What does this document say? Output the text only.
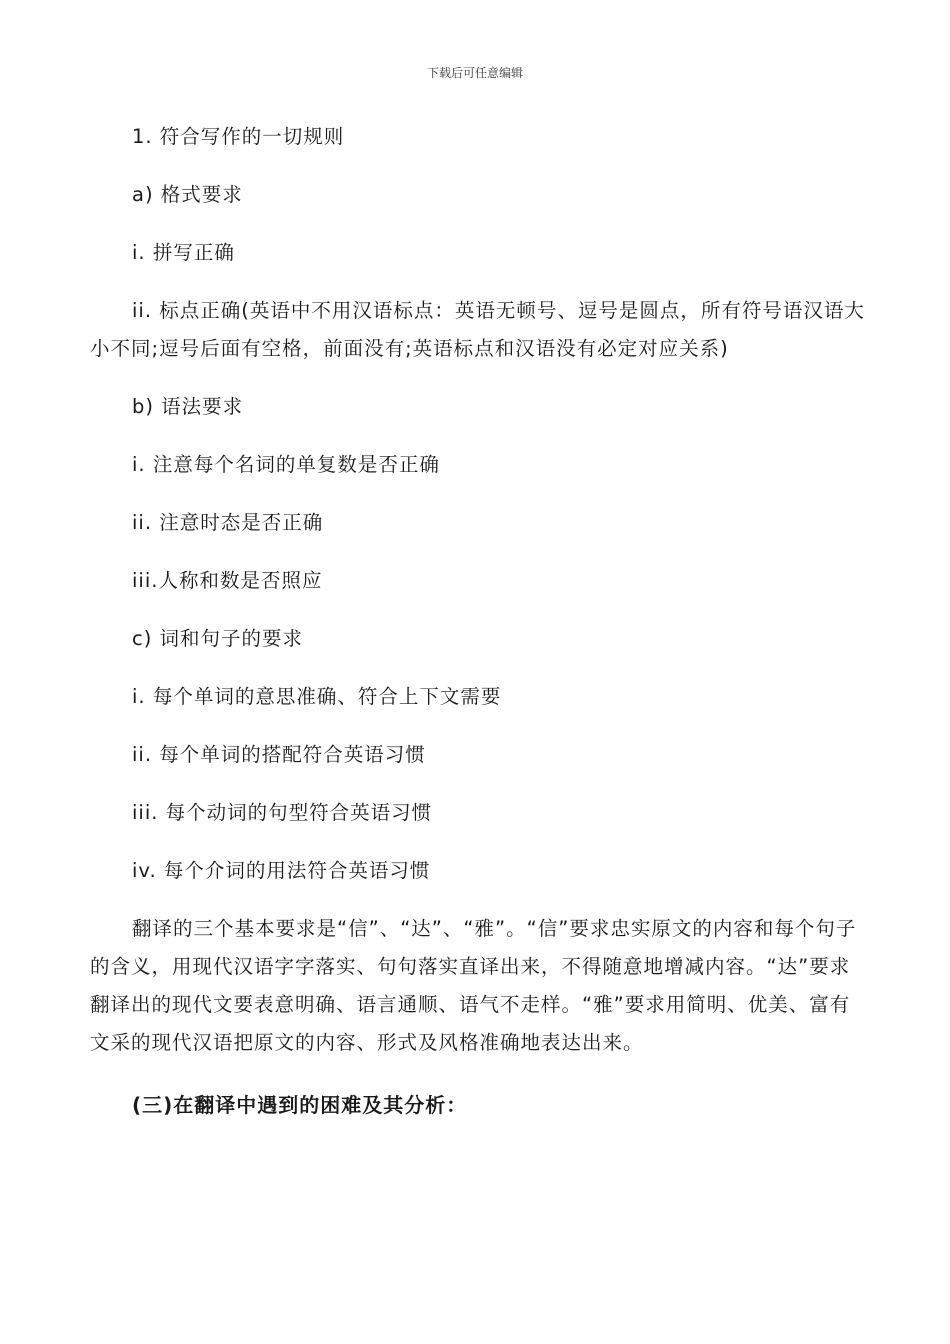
下载后可任意编辑
1. 符合写作的一切规则
a) 格式要求
i. 拼写正确
ii. 标点正确(英语中不用汉语标点：英语无顿号、逗号是圆点，所有符号语汉语大小不同;逗号后面有空格，前面没有;英语标点和汉语没有必定对应关系)
b) 语法要求
i. 注意每个名词的单复数是否正确
ii. 注意时态是否正确
iii.人称和数是否照应
c) 词和句子的要求
i. 每个单词的意思准确、符合上下文需要
ii. 每个单词的搭配符合英语习惯
iii. 每个动词的句型符合英语习惯
iv. 每个介词的用法符合英语习惯
翻译的三个基本要求是“信”、“达”、“雅”。“信”要求忠实原文的内容和每个句子的含义，用现代汉语字字落实、句句落实直译出来，不得随意地增减内容。“达”要求翻译出的现代文要表意明确、语言通顺、语气不走样。“雅”要求用简明、优美、富有文采的现代汉语把原文的内容、形式及风格准确地表达出来。
(三)在翻译中遇到的困难及其分析：
